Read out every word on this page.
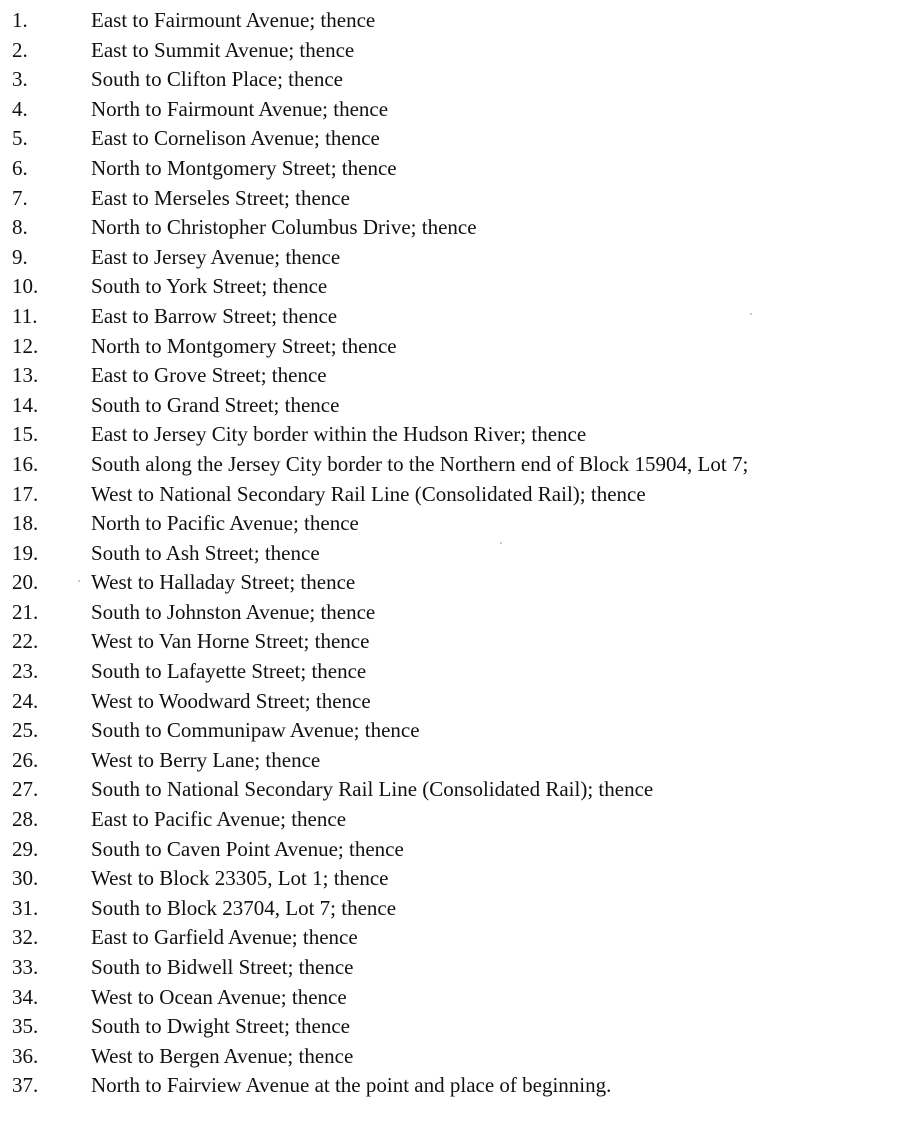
1.	East to Fairmount Avenue; thence
2.	East to Summit Avenue; thence
3.	South to Clifton Place; thence
4.	North to Fairmount Avenue; thence
5.	East to Cornelison Avenue; thence
6.	North to Montgomery Street; thence
7.	East to Merseles Street; thence
8.	North to Christopher Columbus Drive; thence
9.	East to Jersey Avenue; thence
10.	South to York Street; thence
11.	East to Barrow Street; thence
12.	North to Montgomery Street; thence
13.	East to Grove Street; thence
14.	South to Grand Street; thence
15.	East to Jersey City border within the Hudson River; thence
16.	South along the Jersey City border to the Northern end of Block 15904, Lot 7;
17.	West to National Secondary Rail Line (Consolidated Rail); thence
18.	North to Pacific Avenue; thence
19.	South to Ash Street; thence
20.	West to Halladay Street; thence
21.	South to Johnston Avenue; thence
22.	West to Van Horne Street; thence
23.	South to Lafayette Street; thence
24.	West to Woodward Street; thence
25.	South to Communipaw Avenue; thence
26.	West to Berry Lane; thence
27.	South to National Secondary Rail Line (Consolidated Rail); thence
28.	East to Pacific Avenue; thence
29.	South to Caven Point Avenue; thence
30.	West to Block 23305, Lot 1; thence
31.	South to Block 23704, Lot 7; thence
32.	East to Garfield Avenue; thence
33.	South to Bidwell Street; thence
34.	West to Ocean Avenue; thence
35.	South to Dwight Street; thence
36.	West to Bergen Avenue; thence
37.	North to Fairview Avenue at the point and place of beginning.
